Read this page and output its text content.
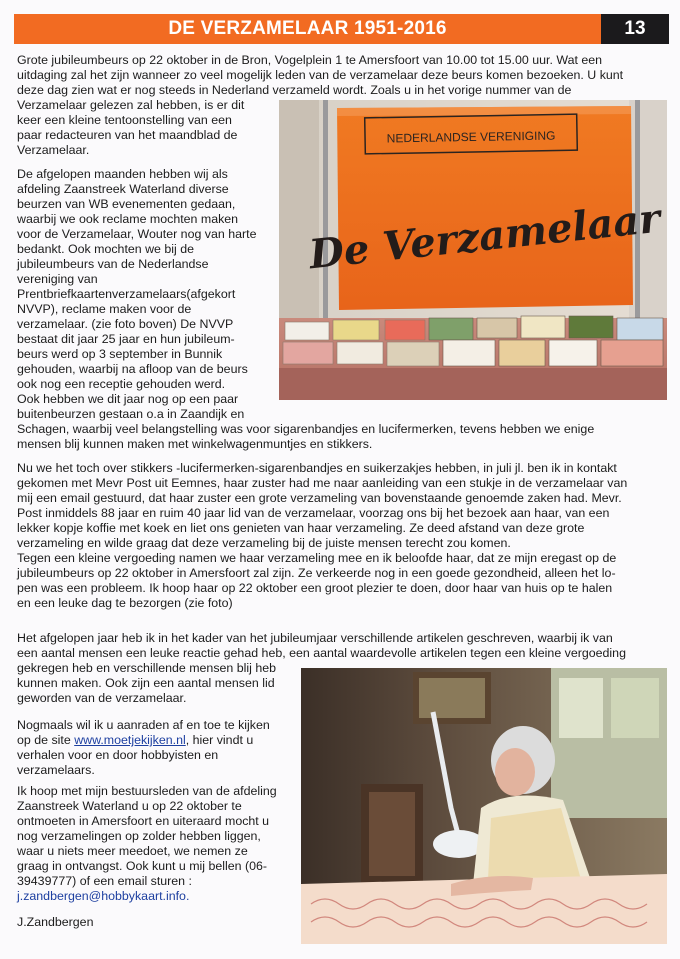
DE VERZAMELAAR 1951-2016	13
Grote jubileumbeurs op 22 oktober in de Bron, Vogelplein 1 te Amersfoort van 10.00 tot 15.00 uur. Wat een
uitdaging zal het zijn wanneer zo veel mogelijk leden van de verzamelaar deze beurs komen bezoeken. U kunt
deze dag zien wat er nog steeds in Nederland verzameld wordt. Zoals u in het vorige nummer van de
Verzamelaar gelezen zal hebben, is er dit
keer een kleine tentoonstelling van een
paar redacteuren van het maandblad de
Verzamelaar.
De afgelopen maanden hebben wij als
afdeling Zaanstreek Waterland diverse
beurzen van WB evenementen gedaan,
waarbij we ook reclame mochten maken
voor de Verzamelaar, Wouter nog van harte
bedankt. Ook mochten we bij de
jubileumbeurs van de Nederlandse
vereniging van
Prentbriefkaartenverzamelaars(afgekort
NVVP), reclame maken voor de
verzamelaar. (zie foto boven) De NVVP
bestaat dit jaar 25 jaar en hun jubileum-
beurs werd op 3 september in Bunnik
gehouden, waarbij na afloop van de beurs
ook nog een receptie gehouden werd.
Ook hebben we dit jaar nog op een paar
buitenbeurzen gestaan o.a in Zaandijk en
Schagen, waarbij veel belangstelling was voor sigarenbandjes en lucifermerken, tevens hebben we enige
mensen blij kunnen maken met winkelwagenmuntjes en stikkers.
Nu we het toch over stikkers -lucifermerken-sigarenbandjes en suikerzakjes hebben, in juli jl. ben ik in kontakt
gekomen met Mevr Post uit Eemnes, haar zuster had me naar aanleiding van een stukje in de verzamelaar van
mij een email gestuurd, dat haar zuster een grote verzameling van bovenstaande genoemde zaken had. Mevr.
Post inmiddels 88 jaar en ruim 40 jaar lid van de verzamelaar, voorzag ons bij het bezoek aan haar, van een
lekker kopje koffie met koek en liet ons genieten van haar verzameling. Ze deed afstand van deze grote
verzameling en wilde graag dat deze verzameling bij de juiste mensen terecht zou komen.
Tegen een kleine vergoeding namen we haar verzameling mee en ik beloofde haar, dat ze mijn eregast op de
jubileumbeurs op 22 oktober in Amersfoort zal zijn. Ze verkeerde nog in een goede gezondheid, alleen het lo-
pen was een probleem. Ik hoop haar op 22 oktober een groot plezier te doen, door haar van huis op te halen
en een leuke dag te bezorgen (zie foto)
Het afgelopen jaar heb ik in het kader van het jubileumjaar verschillende artikelen geschreven, waarbij ik van
een aantal mensen een leuke reactie gehad heb, een aantal waardevolle artikelen tegen een kleine vergoeding
gekregen heb en verschillende mensen blij heb
kunnen maken. Ook zijn een aantal mensen lid
geworden van de verzamelaar.
Nogmaals wil ik u aanraden af en toe te kijken
op de site www.moetjekijken.nl, hier vindt u
verhalen voor en door hobbyisten en
verzamelaars.
Ik hoop met mijn bestuursleden van de afdeling
Zaanstreek Waterland u op 22 oktober te
ontmoeten in Amersfoort en uiteraard mocht u
nog verzamelingen op zolder hebben liggen,
waar u niets meer meedoet, we nemen ze
graag in ontvangst. Ook kunt u mij bellen (06-
39439777) of een email sturen :
j.zandbergen@hobbykaart.info.
J.Zandbergen
NEDERLANDSE VERENIGING
De Verzamelaar
